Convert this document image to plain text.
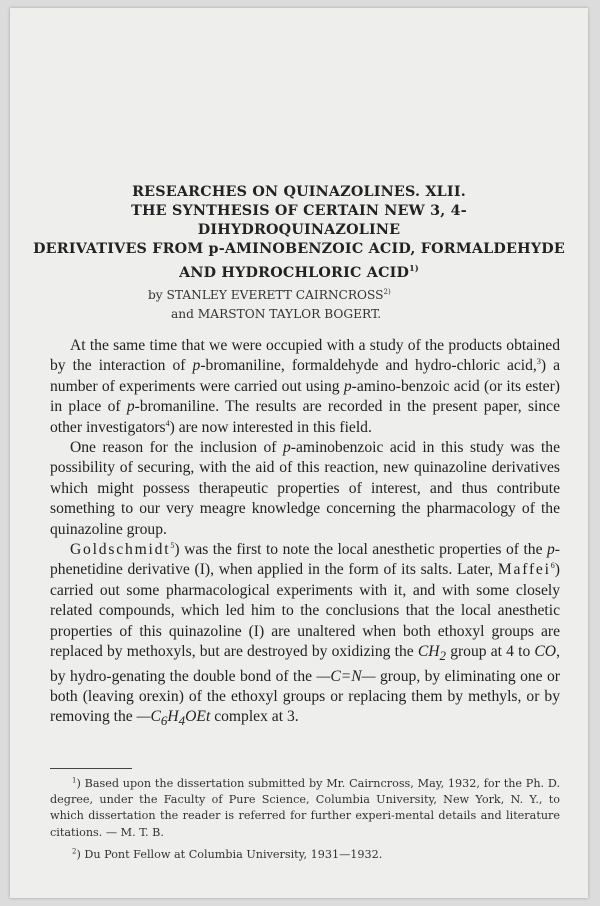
RESEARCHES ON QUINAZOLINES. XLII.
THE SYNTHESIS OF CERTAIN NEW 3, 4-DIHYDROQUINAZOLINE
DERIVATIVES FROM p-AMINOBENZOIC ACID, FORMALDEHYDE
AND HYDROCHLORIC ACID$^{1)}$
by STANLEY EVERETT CAIRNCROSS$^{2)}$
and MARSTON TAYLOR BOGERT.

At the same time that we were occupied with a study of the products obtained by the interaction of p-bromaniline, formaldehyde and hydro-chloric acid,$^3$) a number of experiments were carried out using p-amino-benzoic acid (or its ester) in place of p-bromaniline. The results are recorded in the present paper, since other investigators$^4$) are now interested in this field.

One reason for the inclusion of p-aminobenzoic acid in this study was the possibility of securing, with the aid of this reaction, new quinazoline derivatives which might possess therapeutic properties of interest, and thus contribute something to our very meagre knowledge concerning the pharmacology of the quinazoline group.

Goldschmidt$^5$) was the first to note the local anesthetic properties of the p-phenetidine derivative (I), when applied in the form of its salts. Later, Maffei$^6$) carried out some pharmacological experiments with it, and with some closely related compounds, which led him to the conclusions that the local anesthetic properties of this quinazoline (I) are unaltered when both ethoxyl groups are replaced by methoxyls, but are destroyed by oxidizing the $CH_2$ group at 4 to CO, by hydro-genating the double bond of the —C=N— group, by eliminating one or both (leaving orexin) of the ethoxyl groups or replacing them by methyls, or by removing the $—C_6H_4OEt$ complex at 3.

$^1$) Based upon the dissertation submitted by Mr. Cairncross, May, 1932, for the Ph. D. degree, under the Faculty of Pure Science, Columbia University, New York, N. Y., to which dissertation the reader is referred for further experi-mental details and literature citations. — M. T. B.

$^2$) Du Pont Fellow at Columbia University, 1931—1932.
